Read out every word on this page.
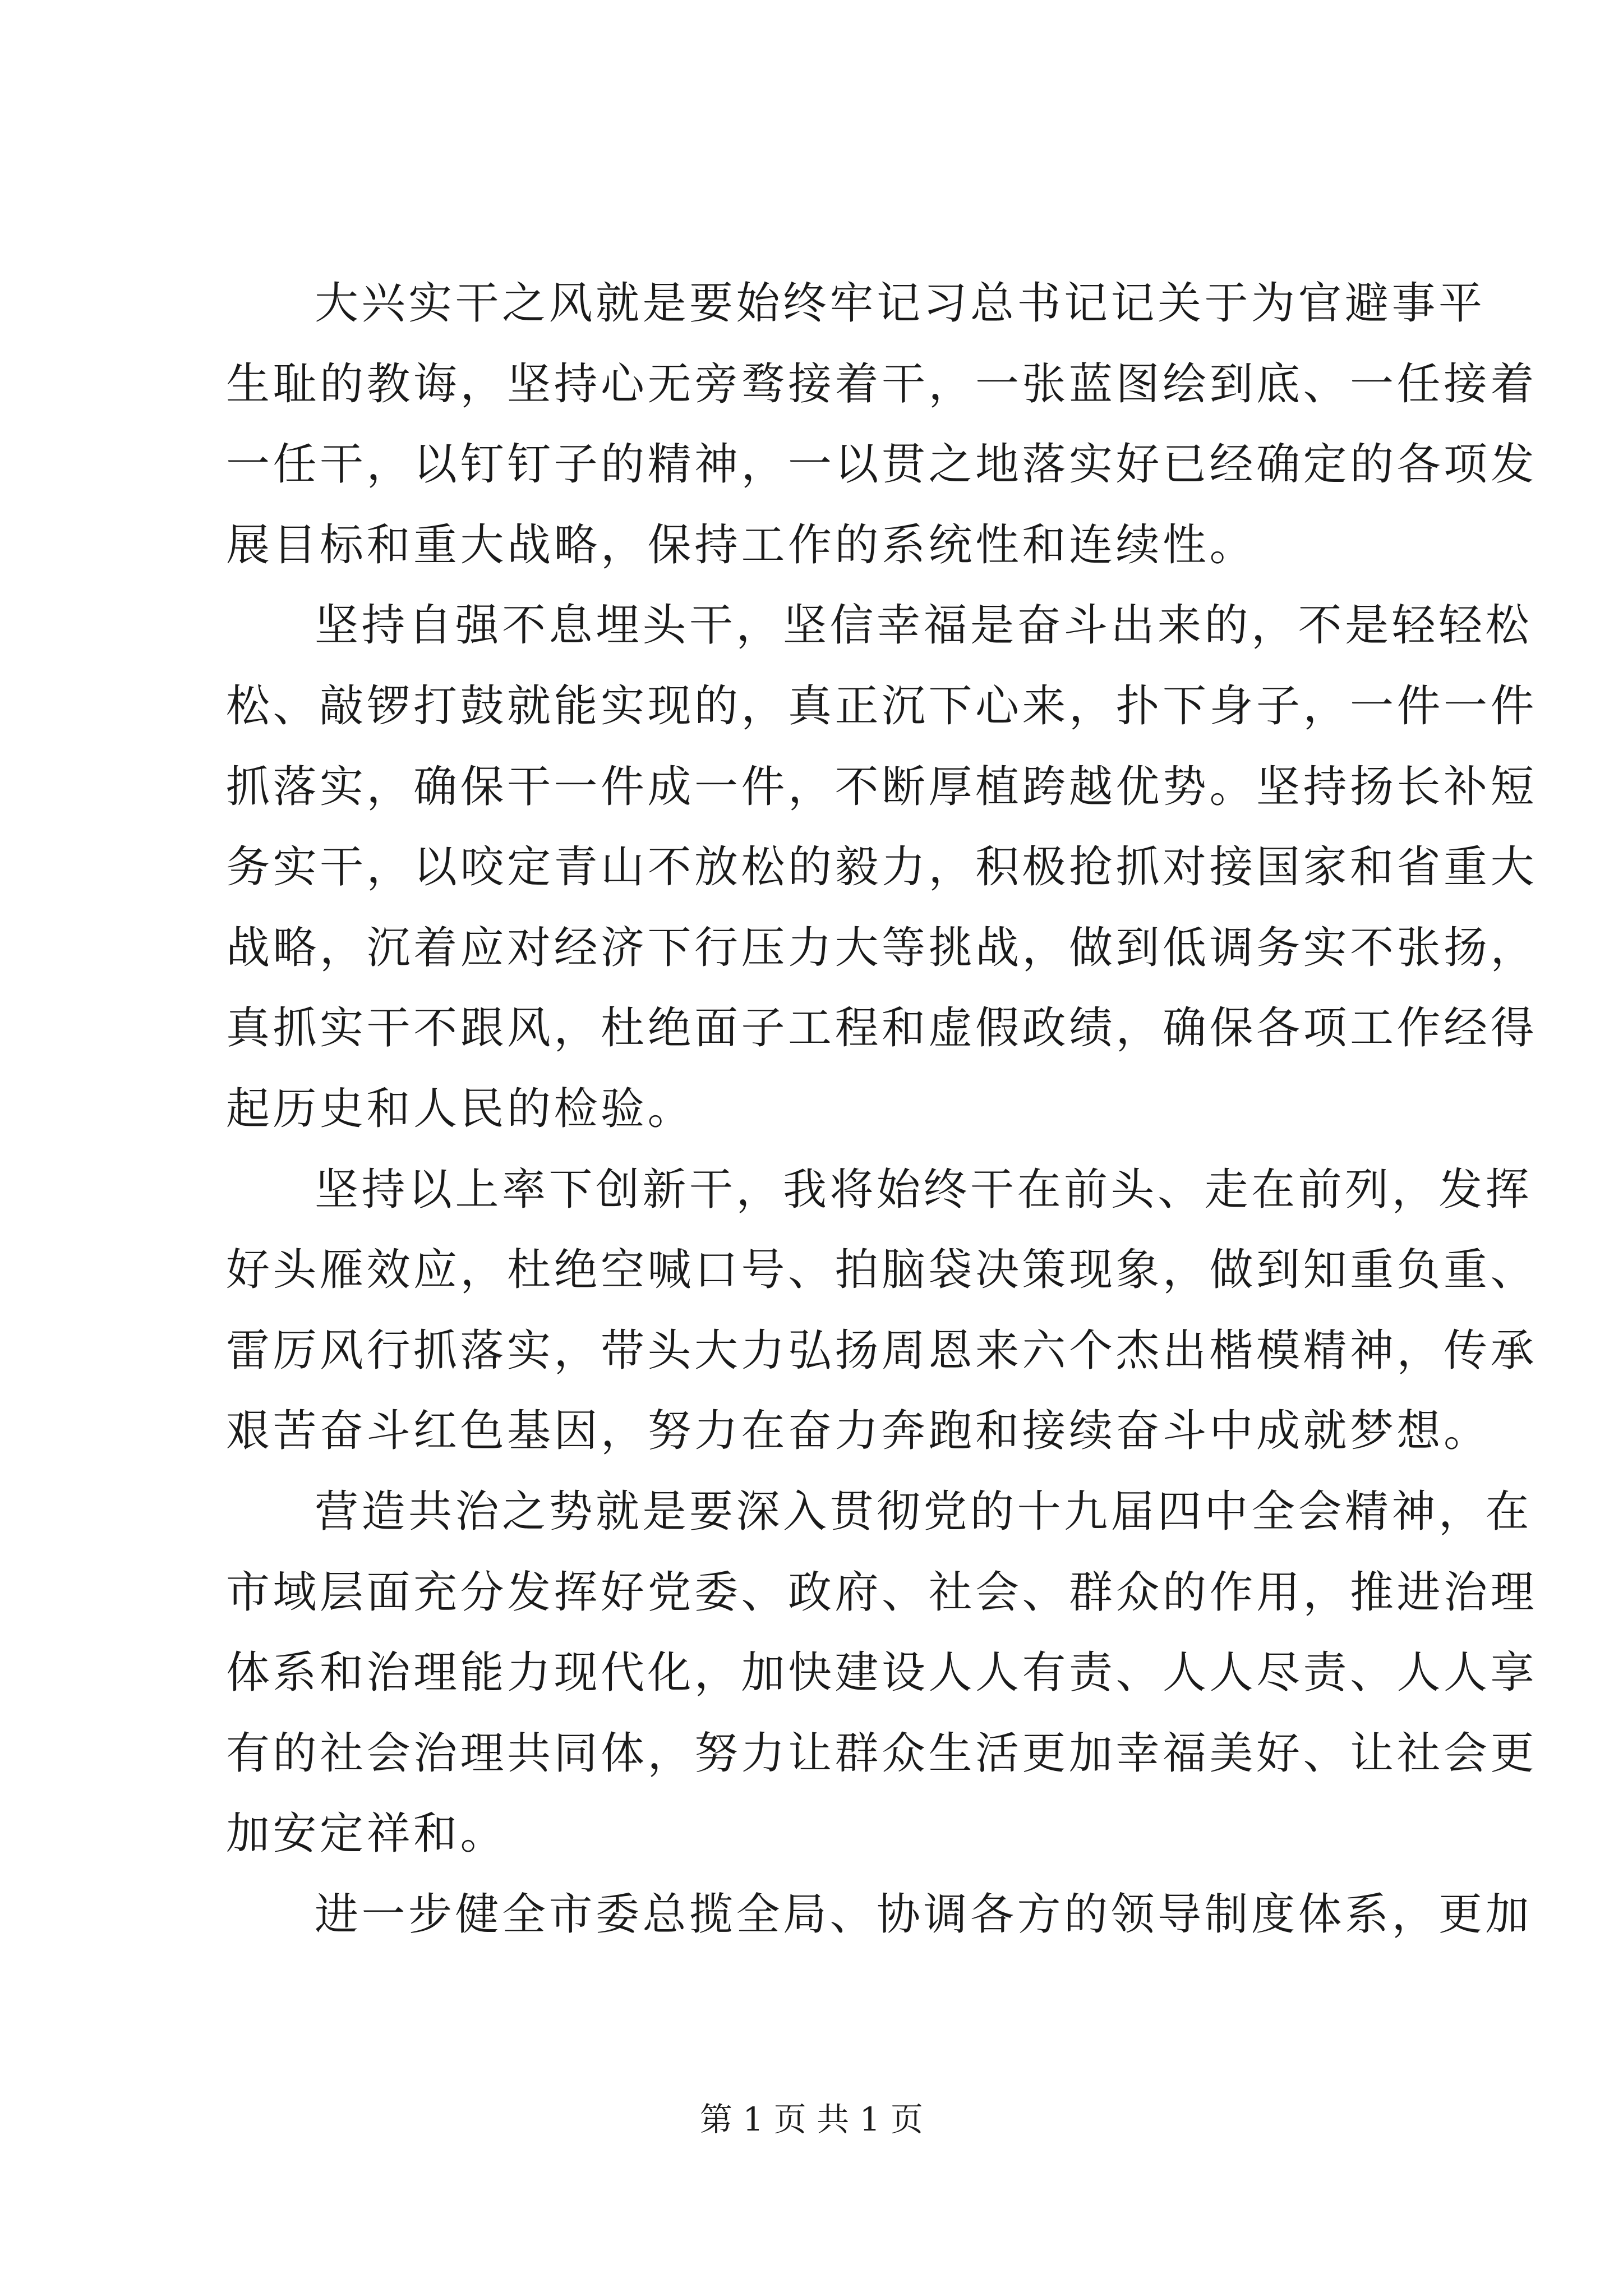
大兴实干之风就是要始终牢记习总书记记关于为官避事平
生耻的教诲，坚持心无旁骛接着干，一张蓝图绘到底、一任接着
一任干，以钉钉子的精神，一以贯之地落实好已经确定的各项发
展目标和重大战略，保持工作的系统性和连续性。
坚持自强不息埋头干，坚信幸福是奋斗出来的，不是轻轻松
松、敲锣打鼓就能实现的，真正沉下心来，扑下身子，一件一件
抓落实，确保干一件成一件，不断厚植跨越优势。坚持扬长补短
务实干，以咬定青山不放松的毅力，积极抢抓对接国家和省重大
战略，沉着应对经济下行压力大等挑战，做到低调务实不张扬，
真抓实干不跟风，杜绝面子工程和虚假政绩，确保各项工作经得
起历史和人民的检验。
坚持以上率下创新干，我将始终干在前头、走在前列，发挥
好头雁效应，杜绝空喊口号、拍脑袋决策现象，做到知重负重、
雷厉风行抓落实，带头大力弘扬周恩来六个杰出楷模精神，传承
艰苦奋斗红色基因，努力在奋力奔跑和接续奋斗中成就梦想。
营造共治之势就是要深入贯彻党的十九届四中全会精神，在
市域层面充分发挥好党委、政府、社会、群众的作用，推进治理
体系和治理能力现代化，加快建设人人有责、人人尽责、人人享
有的社会治理共同体，努力让群众生活更加幸福美好、让社会更
加安定祥和。
进一步健全市委总揽全局、协调各方的领导制度体系，更加
第 1 页 共 1 页
